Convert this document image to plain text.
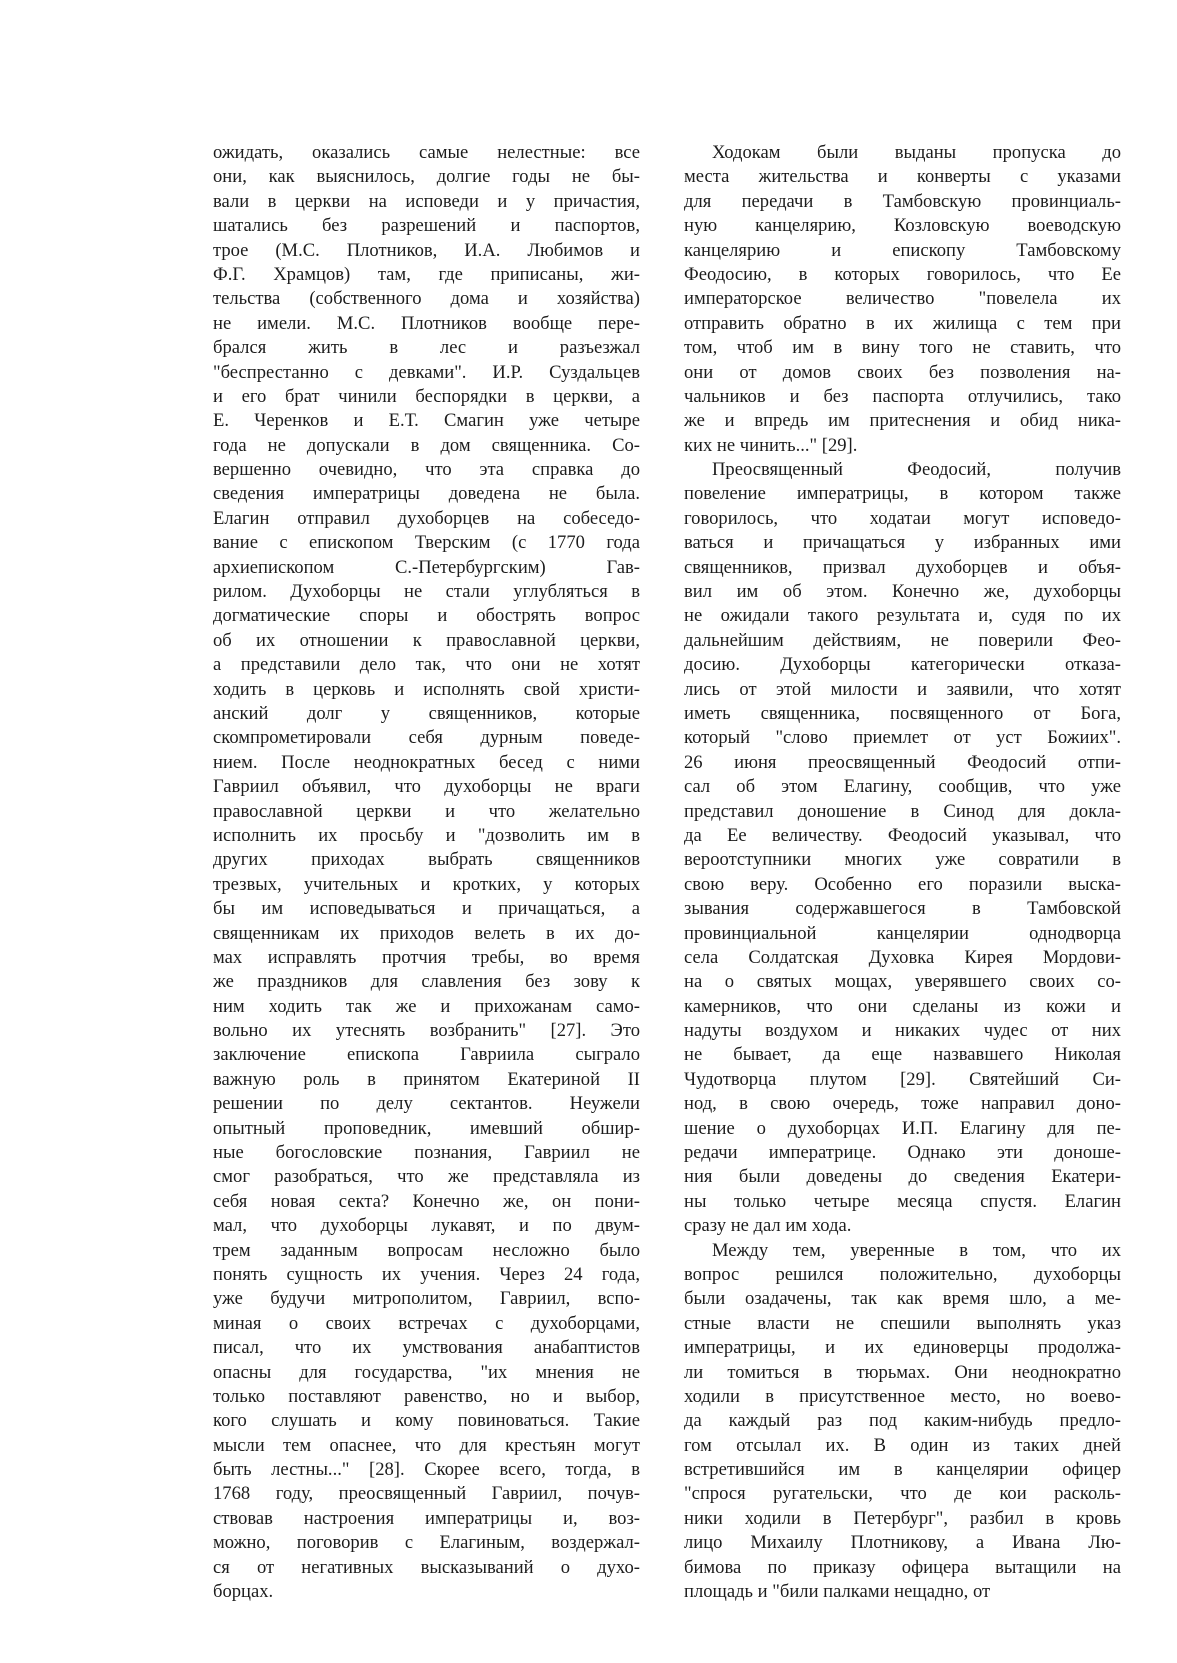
ожидать, оказались самые нелестные: все
они, как выяснилось, долгие годы не бы-
вали в церкви на исповеди и у причастия,
шатались без разрешений и паспортов,
трое (М.С. Плотников, И.А. Любимов и
Ф.Г. Храмцов) там, где приписаны, жи-
тельства (собственного дома и хозяйства)
не имели. М.С. Плотников вообще пере-
брался жить в лес и разъезжал
"беспрестанно с девками". И.Р. Суздальцев
и его брат чинили беспорядки в церкви, а
Е. Черенков и Е.Т. Смагин уже четыре
года не допускали в дом священника. Со-
вершенно очевидно, что эта справка до
сведения императрицы доведена не была.
Елагин отправил духоборцев на собеседо-
вание с епископом Тверским (с 1770 года
архиепископом С.-Петербургским) Гав-
рилом. Духоборцы не стали углубляться в
догматические споры и обострять вопрос
об их отношении к православной церкви,
а представили дело так, что они не хотят
ходить в церковь и исполнять свой христи-
анский долг у священников, которые
скомпрометировали себя дурным поведе-
нием. После неоднократных бесед с ними
Гавриил объявил, что духоборцы не враги
православной церкви и что желательно
исполнить их просьбу и "дозволить им в
других приходах выбрать священников
трезвых, учительных и кротких, у которых
бы им исповедываться и причащаться, а
священникам их приходов велеть в их до-
мах исправлять протчия требы, во время
же праздников для славления без зову к
ним ходить так же и прихожанам само-
вольно их утеснять возбранить" [27]. Это
заключение епископа Гавриила сыграло
важную роль в принятом Екатериной II
решении по делу сектантов. Неужели
опытный проповедник, имевший обшир-
ные богословские познания, Гавриил не
смог разобраться, что же представляла из
себя новая секта? Конечно же, он пони-
мал, что духоборцы лукавят, и по двум-
трем заданным вопросам несложно было
понять сущность их учения. Через 24 года,
уже будучи митрополитом, Гавриил, вспо-
миная о своих встречах с духоборцами,
писал, что их умствования анабаптистов
опасны для государства, "их мнения не
только поставляют равенство, но и выбор,
кого слушать и кому повиноваться. Такие
мысли тем опаснее, что для крестьян могут
быть лестны..." [28]. Скорее всего, тогда, в
1768 году, преосвященный Гавриил, почув-
ствовав настроения императрицы и, воз-
можно, поговорив с Елагиным, воздержал-
ся от негативных высказываний о духо-
борцах.

Ходокам были выданы пропуска до
места жительства и конверты с указами
для передачи в Тамбовскую провинциаль-
ную канцелярию, Козловскую воеводскую
канцелярию и епископу Тамбовскому
Феодосию, в которых говорилось, что Ее
императорское величество "повелела их
отправить обратно в их жилища с тем при
том, чтоб им в вину того не ставить, что
они от домов своих без позволения на-
чальников и без паспорта отлучились, тако
же и впредь им притеснения и обид ника-
ких не чинить..." [29].

Преосвященный Феодосий, получив
повеление императрицы, в котором также
говорилось, что ходатаи могут исповедо-
ваться и причащаться у избранных ими
священников, призвал духоборцев и объя-
вил им об этом. Конечно же, духоборцы
не ожидали такого результата и, судя по их
дальнейшим действиям, не поверили Фео-
досию. Духоборцы категорически отказа-
лись от этой милости и заявили, что хотят
иметь священника, посвященного от Бога,
который "слово приемлет от уст Божиих".
26 июня преосвященный Феодосий отпи-
сал об этом Елагину, сообщив, что уже
представил доношение в Синод для докла-
да Ее величеству. Феодосий указывал, что
вероотступники многих уже совратили в
свою веру. Особенно его поразили выска-
зывания содержавшегося в Тамбовской
провинциальной канцелярии однодворца
села Солдатская Духовка Кирея Мордови-
на о святых мощах, уверявшего своих со-
камерников, что они сделаны из кожи и
надуты воздухом и никаких чудес от них
не бывает, да еще назвавшего Николая
Чудотворца плутом [29]. Святейший Си-
нод, в свою очередь, тоже направил доно-
шение о духоборцах И.П. Елагину для пе-
редачи императрице. Однако эти доноше-
ния были доведены до сведения Екатери-
ны только четыре месяца спустя. Елагин
сразу не дал им хода.

Между тем, уверенные в том, что их
вопрос решился положительно, духоборцы
были озадачены, так как время шло, а ме-
стные власти не спешили выполнять указ
императрицы, и их единоверцы продолжа-
ли томиться в тюрьмах. Они неоднократно
ходили в присутственное место, но воево-
да каждый раз под каким-нибудь предло-
гом отсылал их. В один из таких дней
встретившийся им в канцелярии офицер
"спрося ругательски, что де кои расколь-
ники ходили в Петербург", разбил в кровь
лицо Михаилу Плотникову, а Ивана Лю-
бимова по приказу офицера вытащили на
площадь и "били палками нещадно, от
